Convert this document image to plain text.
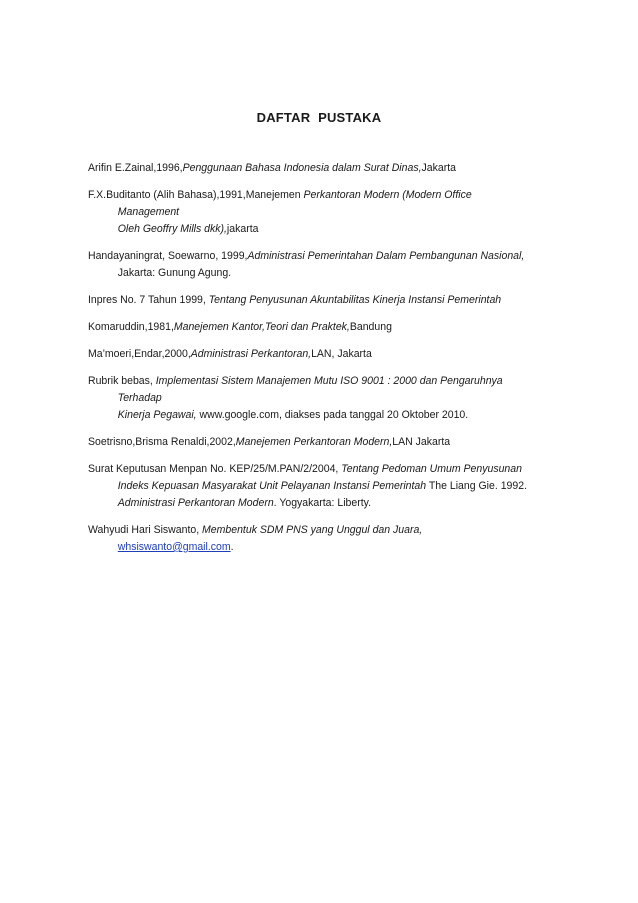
DAFTAR PUSTAKA
Arifin E.Zainal,1996,Penggunaan Bahasa Indonesia dalam Surat Dinas,Jakarta
F.X.Buditanto (Alih Bahasa),1991,Manejemen Perkantoran Modern (Modern Office Management
Oleh Geoffry Mills dkk),jakarta
Handayaningrat, Soewarno, 1999,Administrasi Pemerintahan Dalam Pembangunan Nasional,
Jakarta: Gunung Agung.
Inpres No. 7 Tahun 1999, Tentang Penyusunan Akuntabilitas Kinerja Instansi Pemerintah
Komaruddin,1981,Manejemen Kantor,Teori dan Praktek,Bandung
Ma’moeri,Endar,2000,Administrasi Perkantoran,LAN, Jakarta
Rubrik bebas, Implementasi Sistem Manajemen Mutu ISO 9001 : 2000 dan Pengaruhnya Terhadap
Kinerja Pegawai, www.google.com, diakses pada tanggal 20 Oktober 2010.
Soetrisno,Brisma Renaldi,2002,Manejemen Perkantoran Modern,LAN Jakarta
Surat Keputusan Menpan No. KEP/25/M.PAN/2/2004, Tentang Pedoman Umum Penyusunan
Indeks Kepuasan Masyarakat Unit Pelayanan Instansi Pemerintah The Liang Gie. 1992.
Administrasi Perkantoran Modern. Yogyakarta: Liberty.
Wahyudi Hari Siswanto, Membentuk SDM PNS yang Unggul dan Juara, whsiswanto@gmail.com.
